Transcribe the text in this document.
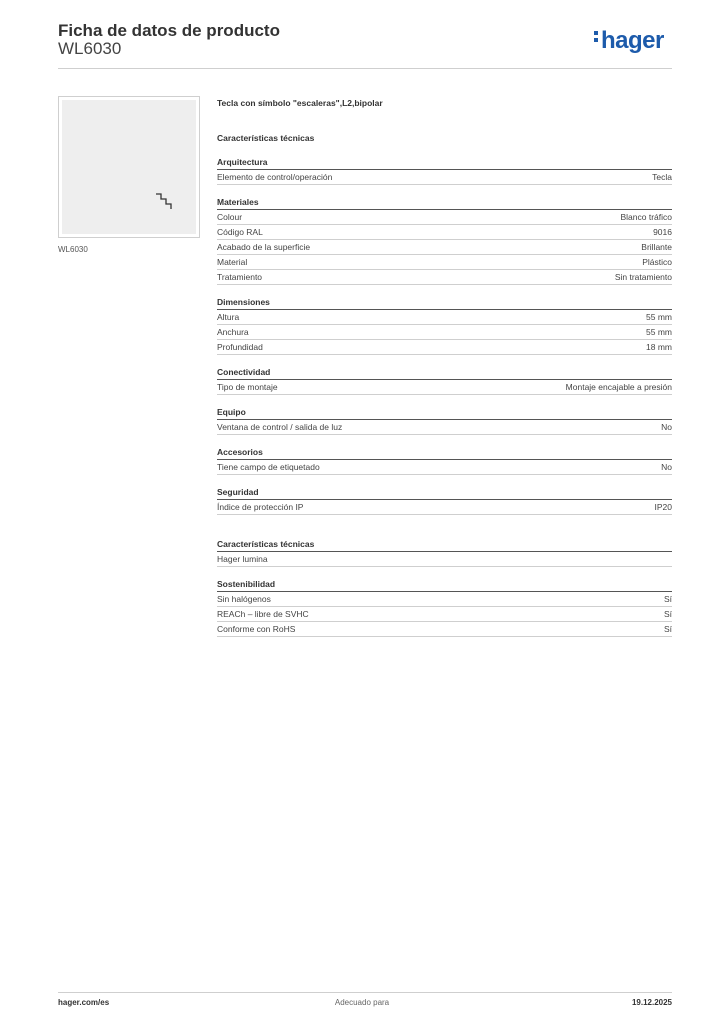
Ficha de datos de producto
WL6030	hager
WL6030
Tecla con símbolo "escaleras",L2,bipolar
Características técnicas
Arquitectura
Elemento de control/operación	Tecla
Materiales
Colour	Blanco tráfico
Código RAL	9016
Acabado de la superficie	Brillante
Material	Plástico
Tratamiento	Sin tratamiento
Dimensiones
Altura	55 mm
Anchura	55 mm
Profundidad	18 mm
Conectividad
Tipo de montaje	Montaje encajable a presión
Equipo
Ventana de control / salida de luz	No
Accesorios
Tiene campo de etiquetado	No
Seguridad
Índice de protección IP	IP20
Características técnicas
Hager lumina
Sostenibilidad
Sin halógenos	Sí
REACh – libre de SVHC	Sí
Conforme con RoHS	Sí
hager.com/es	Adecuado para	19.12.2025
